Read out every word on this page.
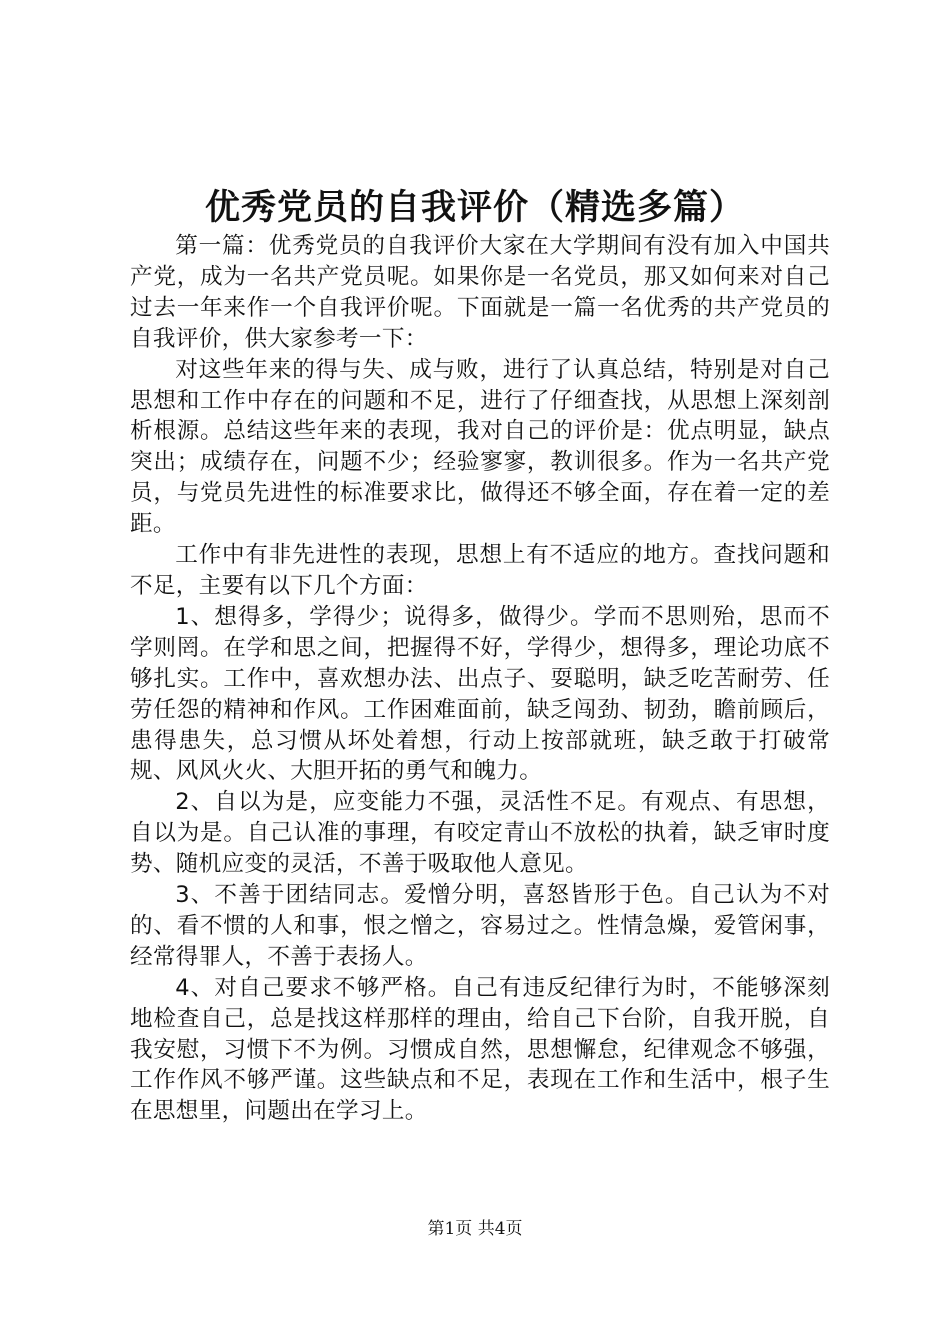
优秀党员的自我评价（精选多篇）

第一篇：优秀党员的自我评价大家在大学期间有没有加入中国共产党，成为一名共产党员呢。如果你是一名党员，那又如何来对自己过去一年来作一个自我评价呢。下面就是一篇一名优秀的共产党员的自我评价，供大家参考一下：

对这些年来的得与失、成与败，进行了认真总结，特别是对自己思想和工作中存在的问题和不足，进行了仔细查找，从思想上深刻剖析根源。总结这些年来的表现，我对自己的评价是：优点明显，缺点突出；成绩存在，问题不少；经验寥寥，教训很多。作为一名共产党员，与党员先进性的标准要求比，做得还不够全面，存在着一定的差距。

工作中有非先进性的表现，思想上有不适应的地方。查找问题和不足，主要有以下几个方面：

1、想得多，学得少；说得多，做得少。学而不思则殆，思而不学则罔。在学和思之间，把握得不好，学得少，想得多，理论功底不够扎实。工作中，喜欢想办法、出点子、耍聪明，缺乏吃苦耐劳、任劳任怨的精神和作风。工作困难面前，缺乏闯劲、韧劲，瞻前顾后，患得患失，总习惯从坏处着想，行动上按部就班，缺乏敢于打破常规、风风火火、大胆开拓的勇气和魄力。

2、自以为是，应变能力不强，灵活性不足。有观点、有思想，自以为是。自己认准的事理，有咬定青山不放松的执着，缺乏审时度势、随机应变的灵活，不善于吸取他人意见。

3、不善于团结同志。爱憎分明，喜怒皆形于色。自己认为不对的、看不惯的人和事，恨之憎之，容易过之。性情急燥，爱管闲事，经常得罪人，不善于表扬人。

4、对自己要求不够严格。自己有违反纪律行为时，不能够深刻地检查自己，总是找这样那样的理由，给自己下台阶，自我开脱，自我安慰，习惯下不为例。习惯成自然，思想懈怠，纪律观念不够强，工作作风不够严谨。这些缺点和不足，表现在工作和生活中，根子生在思想里，问题出在学习上。

第1页 共4页
